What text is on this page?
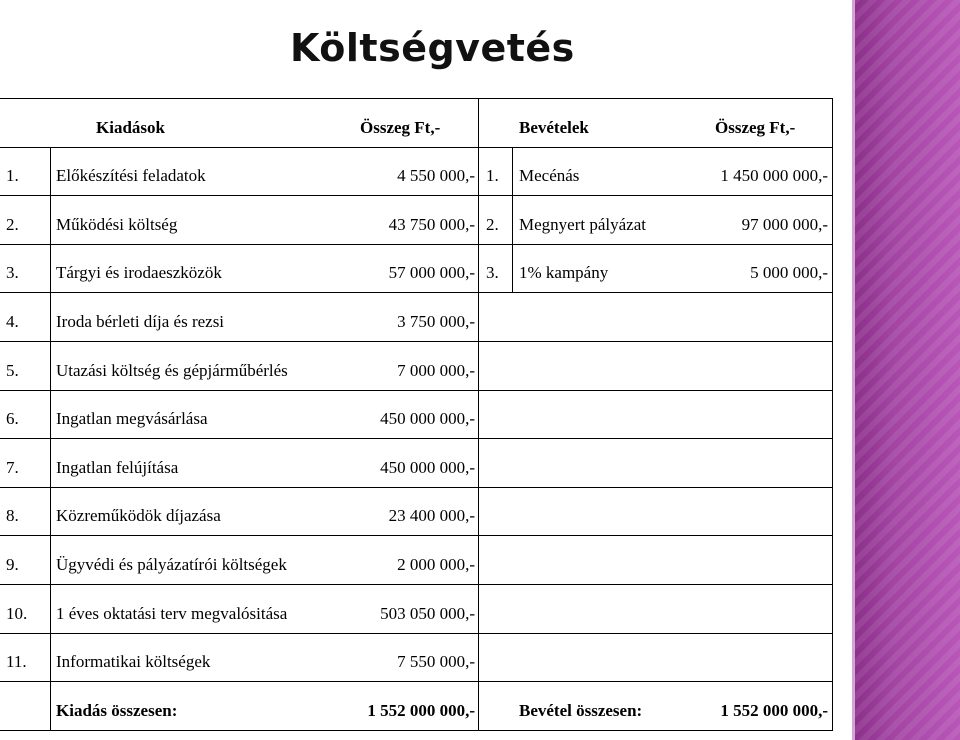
Költségvetés
Kiadások	Összeg Ft,-	Bevételek	Összeg Ft,-
1.	Előkészítési feladatok	4 550 000,- 1.	Mecénás	1 450 000 000,-
2.	Működési költség	43 750 000,- 2.	Megnyert pályázat	97 000 000,-
3.	Tárgyi és irodaeszközök	57 000 000,- 3.	1% kampány	5 000 000,-
4.	Iroda bérleti díja és rezsi	3 750 000,-
5.	Utazási költség és gépjárműbérlés	7 000 000,-
6.	Ingatlan megvásárlása	450 000 000,-
7.	Ingatlan felújítása	450 000 000,-
8.	Közreműködök díjazása	23 400 000,-
9.	Ügyvédi és pályázatírói költségek	2 000 000,-
10.	1 éves oktatási terv megvalósitása	503 050 000,-
11.	Informatikai költségek	7 550 000,-
Kiadás összesen:	1 552 000 000,-	Bevétel összesen:	1 552 000 000,-
